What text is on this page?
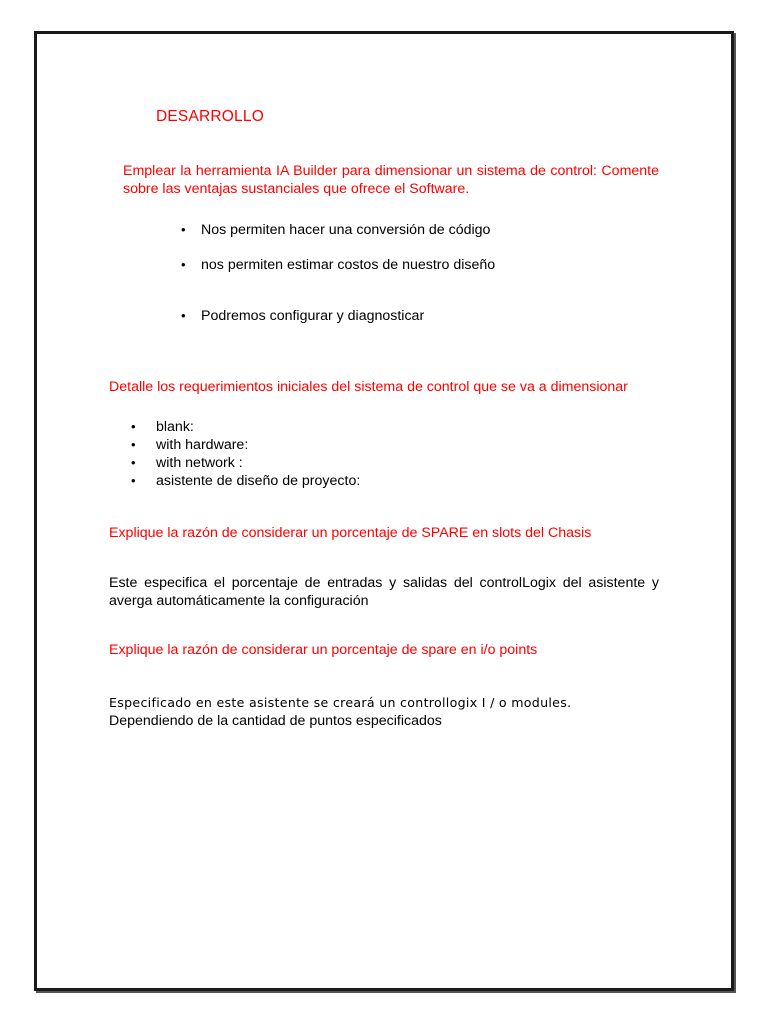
DESARROLLO
Emplear la herramienta IA Builder para dimensionar un sistema de control: Comente sobre las ventajas sustanciales que ofrece el Software.
• Nos permiten hacer una conversión de código
• nos permiten estimar costos de nuestro diseño
• Podremos configurar y diagnosticar
Detalle los requerimientos iniciales del sistema de control que se va a dimensionar
• blank:
• with hardware:
• with network :
• asistente de diseño de proyecto:
Explique la razón de considerar un porcentaje de SPARE en slots del Chasis
Este especifica el porcentaje de entradas y salidas del controlLogix del asistente y averga automáticamente la configuración
Explique la razón de considerar un porcentaje de spare en i/o points
Especificado en este asistente se creará un controllogix I / o modules.
Dependiendo de la cantidad de puntos especificados
